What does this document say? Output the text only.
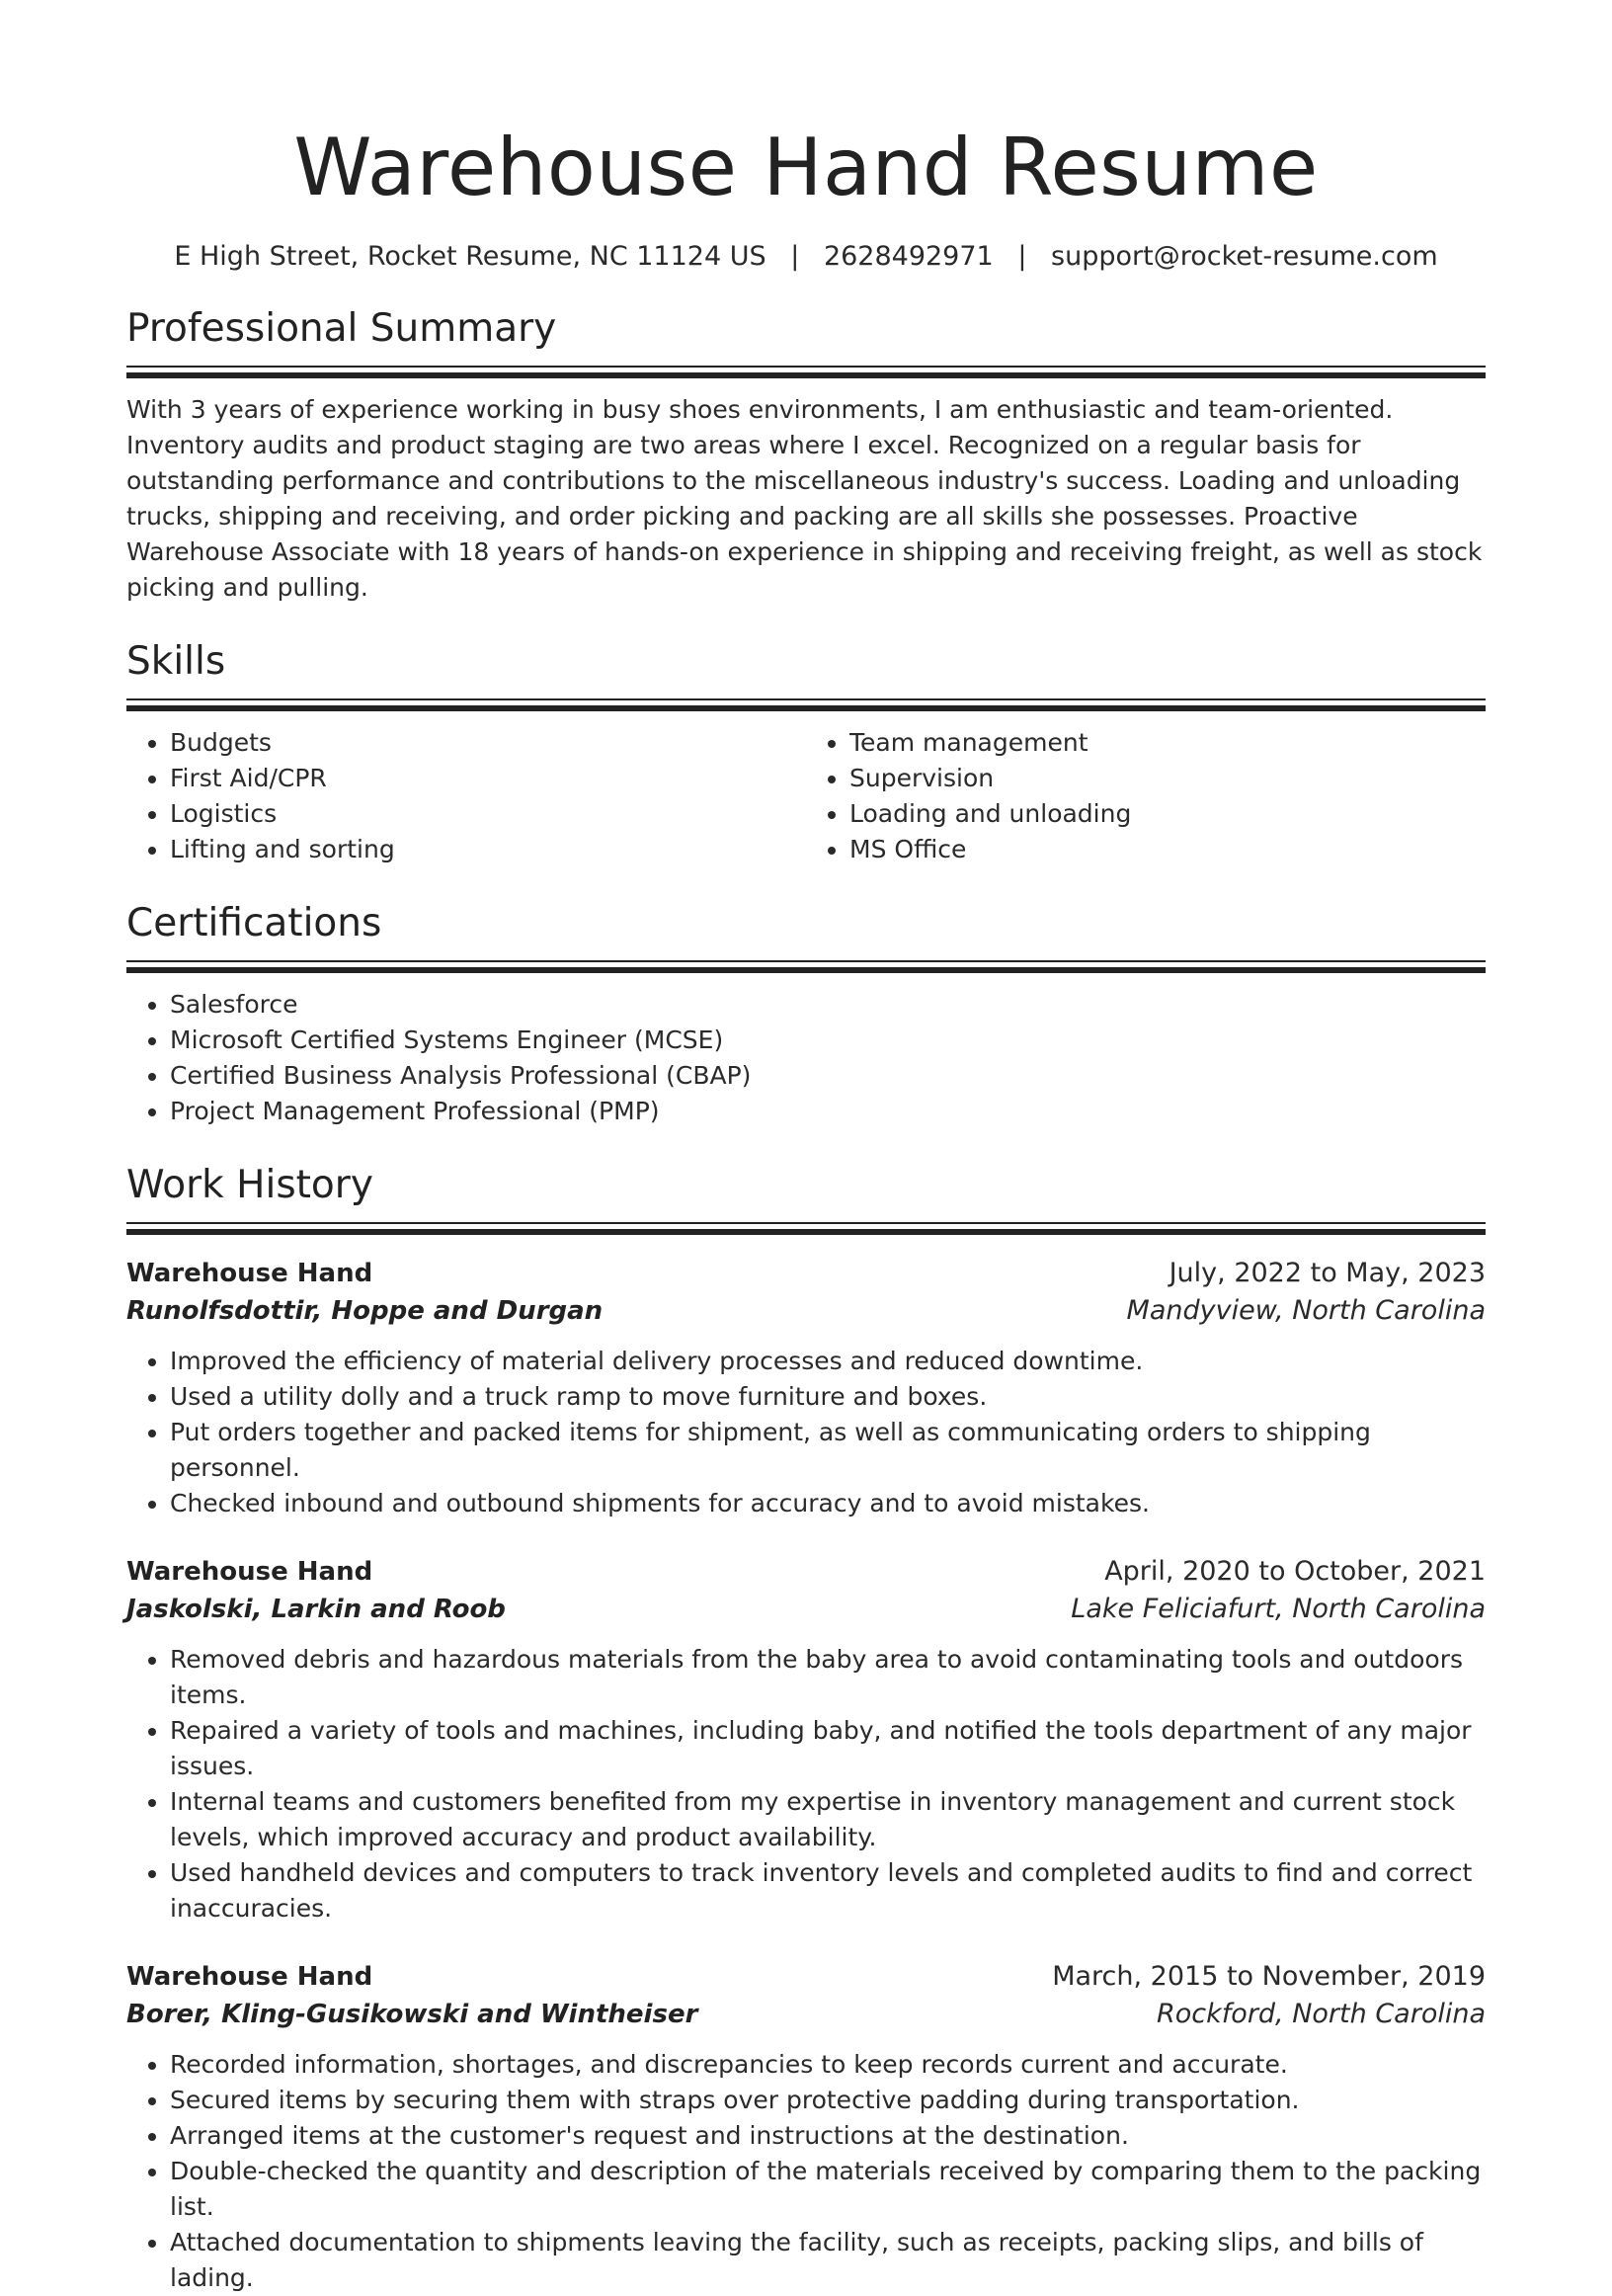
Warehouse Hand Resume
E High Street, Rocket Resume, NC 11124 US | 2628492971 | support@rocket-resume.com
Professional Summary
With 3 years of experience working in busy shoes environments, I am enthusiastic and team-oriented. Inventory audits and product staging are two areas where I excel. Recognized on a regular basis for outstanding performance and contributions to the miscellaneous industry's success. Loading and unloading trucks, shipping and receiving, and order picking and packing are all skills she possesses. Proactive Warehouse Associate with 18 years of hands-on experience in shipping and receiving freight, as well as stock picking and pulling.
Skills
• Budgets
• First Aid/CPR
• Logistics
• Lifting and sorting
• Team management
• Supervision
• Loading and unloading
• MS Office
Certifications
• Salesforce
• Microsoft Certified Systems Engineer (MCSE)
• Certified Business Analysis Professional (CBAP)
• Project Management Professional (PMP)
Work History
Warehouse Hand	July, 2022 to May, 2023
Runolfsdottir, Hoppe and Durgan	Mandyview, North Carolina
• Improved the efficiency of material delivery processes and reduced downtime.
• Used a utility dolly and a truck ramp to move furniture and boxes.
• Put orders together and packed items for shipment, as well as communicating orders to shipping personnel.
• Checked inbound and outbound shipments for accuracy and to avoid mistakes.
Warehouse Hand	April, 2020 to October, 2021
Jaskolski, Larkin and Roob	Lake Feliciafurt, North Carolina
• Removed debris and hazardous materials from the baby area to avoid contaminating tools and outdoors items.
• Repaired a variety of tools and machines, including baby, and notified the tools department of any major issues.
• Internal teams and customers benefited from my expertise in inventory management and current stock levels, which improved accuracy and product availability.
• Used handheld devices and computers to track inventory levels and completed audits to find and correct inaccuracies.
Warehouse Hand	March, 2015 to November, 2019
Borer, Kling-Gusikowski and Wintheiser	Rockford, North Carolina
• Recorded information, shortages, and discrepancies to keep records current and accurate.
• Secured items by securing them with straps over protective padding during transportation.
• Arranged items at the customer's request and instructions at the destination.
• Double-checked the quantity and description of the materials received by comparing them to the packing list.
• Attached documentation to shipments leaving the facility, such as receipts, packing slips, and bills of lading.
